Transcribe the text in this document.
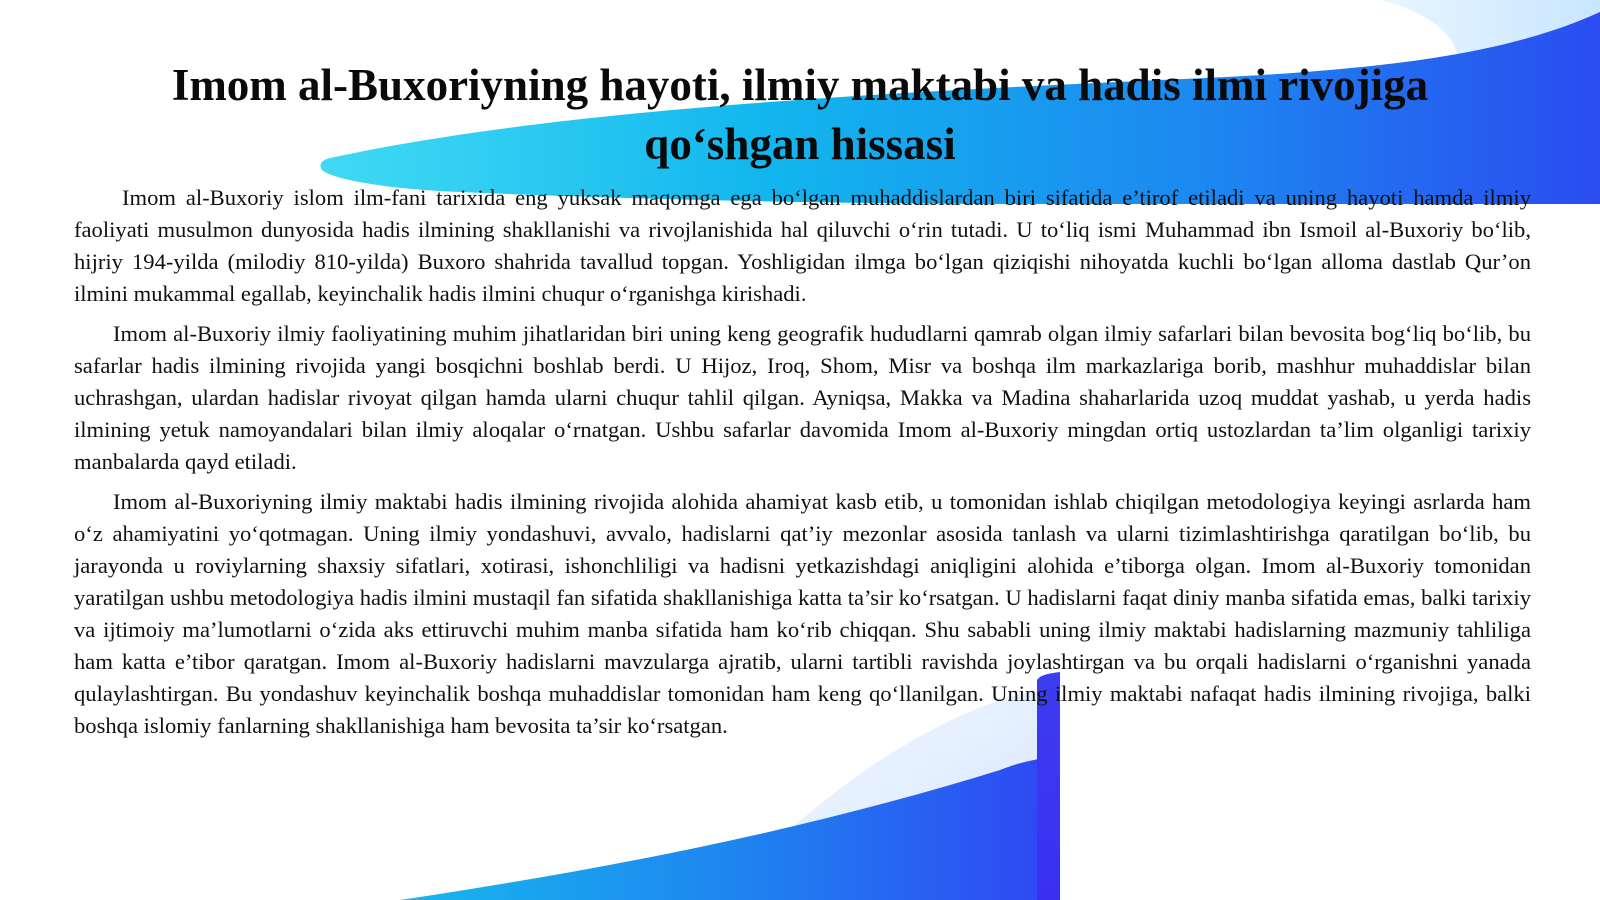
Imom al-Buxoriyning hayoti, ilmiy maktabi va hadis ilmi rivojiga qo‘shgan hissasi

Imom al-Buxoriy islom ilm-fani tarixida eng yuksak maqomga ega bo‘lgan muhaddislardan biri sifatida e’tirof etiladi va uning hayoti hamda ilmiy faoliyati musulmon dunyosida hadis ilmining shakllanishi va rivojlanishida hal qiluvchi o‘rin tutadi. U to‘liq ismi Muhammad ibn Ismoil al-Buxoriy bo‘lib, hijriy 194-yilda (milodiy 810-yilda) Buxoro shahrida tavallud topgan. Yoshligidan ilmga bo‘lgan qiziqishi nihoyatda kuchli bo‘lgan alloma dastlab Qur’on ilmini mukammal egallab, keyinchalik hadis ilmini chuqur o‘rganishga kirishadi.

Imom al-Buxoriy ilmiy faoliyatining muhim jihatlaridan biri uning keng geografik hududlarni qamrab olgan ilmiy safarlari bilan bevosita bog‘liq bo‘lib, bu safarlar hadis ilmining rivojida yangi bosqichni boshlab berdi. U Hijoz, Iroq, Shom, Misr va boshqa ilm markazlariga borib, mashhur muhaddislar bilan uchrashgan, ulardan hadislar rivoyat qilgan hamda ularni chuqur tahlil qilgan. Ayniqsa, Makka va Madina shaharlarida uzoq muddat yashab, u yerda hadis ilmining yetuk namoyandalari bilan ilmiy aloqalar o‘rnatgan. Ushbu safarlar davomida Imom al-Buxoriy mingdan ortiq ustozlardan ta’lim olganligi tarixiy manbalarda qayd etiladi.

Imom al-Buxoriyning ilmiy maktabi hadis ilmining rivojida alohida ahamiyat kasb etib, u tomonidan ishlab chiqilgan metodologiya keyingi asrlarda ham o‘z ahamiyatini yo‘qotmagan. Uning ilmiy yondashuvi, avvalo, hadislarni qat’iy mezonlar asosida tanlash va ularni tizimlashtirishga qaratilgan bo‘lib, bu jarayonda u roviylarning shaxsiy sifatlari, xotirasi, ishonchliligi va hadisni yetkazishdagi aniqligini alohida e’tiborga olgan. Imom al-Buxoriy tomonidan yaratilgan ushbu metodologiya hadis ilmini mustaqil fan sifatida shakllanishiga katta ta’sir ko‘rsatgan. U hadislarni faqat diniy manba sifatida emas, balki tarixiy va ijtimoiy ma’lumotlarni o‘zida aks ettiruvchi muhim manba sifatida ham ko‘rib chiqqan. Shu sababli uning ilmiy maktabi hadislarning mazmuniy tahliliga ham katta e’tibor qaratgan. Imom al-Buxoriy hadislarni mavzularga ajratib, ularni tartibli ravishda joylashtirgan va bu orqali hadislarni o‘rganishni yanada qulaylashtirgan. Bu yondashuv keyinchalik boshqa muhaddislar tomonidan ham keng qo‘llanilgan. Uning ilmiy maktabi nafaqat hadis ilmining rivojiga, balki boshqa islomiy fanlarning shakllanishiga ham bevosita ta’sir ko‘rsatgan.
